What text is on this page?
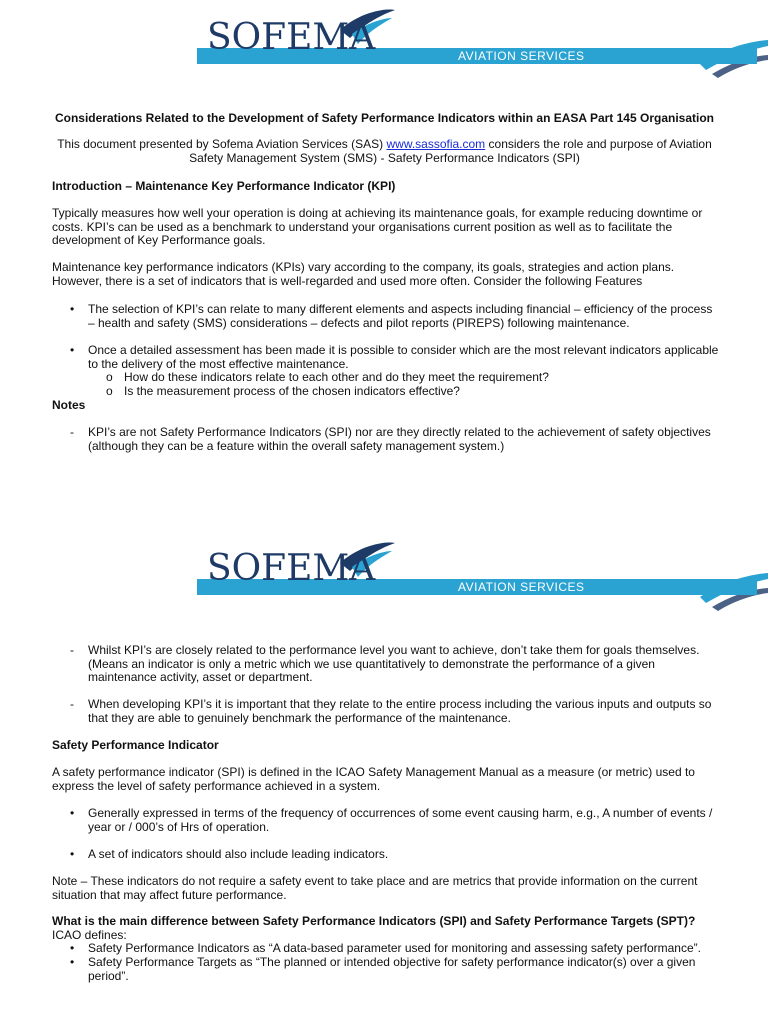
AVIATION SERVICES
SOFEMA

Considerations Related to the Development of Safety Performance Indicators within an EASA Part 145 Organisation

This document presented by Sofema Aviation Services (SAS) www.sassofia.com considers the role and purpose of Aviation Safety Management System (SMS) - Safety Performance Indicators (SPI)

Introduction – Maintenance Key Performance Indicator (KPI)

Typically measures how well your operation is doing at achieving its maintenance goals, for example reducing downtime or costs. KPI’s can be used as a benchmark to understand your organisations current position as well as to facilitate the development of Key Performance goals.

Maintenance key performance indicators (KPIs) vary according to the company, its goals, strategies and action plans. However, there is a set of indicators that is well-regarded and used more often. Consider the following Features

•	The selection of KPI’s can relate to many different elements and aspects including financial – efficiency of the process – health and safety (SMS) considerations – defects and pilot reports (PIREPS) following maintenance.
•	Once a detailed assessment has been made it is possible to consider which are the most relevant indicators applicable to the delivery of the most effective maintenance.
o How do these indicators relate to each other and do they meet the requirement?
o Is the measurement process of the chosen indicators effective?

Notes

-	KPI’s are not Safety Performance Indicators (SPI) nor are they directly related to the achievement of safety objectives (although they can be a feature within the overall safety management system.)
AVIATION SERVICES
SOFEMA
-	Whilst KPI’s are closely related to the performance level you want to achieve, don’t take them for goals themselves. (Means an indicator is only a metric which we use quantitatively to demonstrate the performance of a given maintenance activity, asset or department.
-	When developing KPI’s it is important that they relate to the entire process including the various inputs and outputs so that they are able to genuinely benchmark the performance of the maintenance.

Safety Performance Indicator

A safety performance indicator (SPI) is defined in the ICAO Safety Management Manual as a measure (or metric) used to express the level of safety performance achieved in a system.

•	Generally expressed in terms of the frequency of occurrences of some event causing harm, e.g., A number of events / year or / 000’s of Hrs of operation.
•	A set of indicators should also include leading indicators.

Note – These indicators do not require a safety event to take place and are metrics that provide information on the current situation that may affect future performance.

What is the main difference between Safety Performance Indicators (SPI) and Safety Performance Targets (SPT)?

ICAO defines:

•	Safety Performance Indicators as “A data-based parameter used for monitoring and assessing safety performance”.
•	Safety Performance Targets as “The planned or intended objective for safety performance indicator(s) over a given period”.
